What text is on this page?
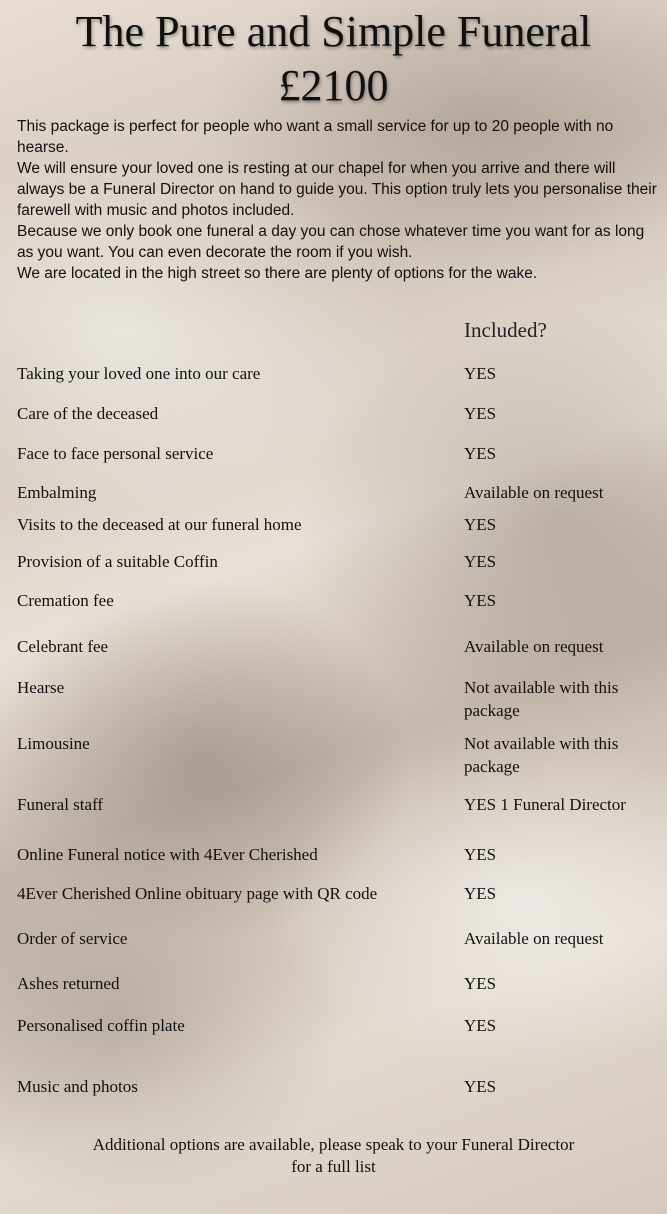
The Pure and Simple Funeral
£2100

This package is perfect for people who want a small service for up to 20 people with no hearse.

We will ensure your loved one is resting at our chapel for when you arrive and there will always be a Funeral Director on hand to guide you. This option truly lets you personalise their farewell with music and photos included.

Because we only book one funeral a day you can chose whatever time you want for as long as you want. You can even decorate the room if you wish.

We are located in the high street so there are plenty of options for the wake.

Included?
Taking your loved one into our care	YES
Care of the deceased	YES
Face to face personal service	YES
Embalming	Available on request
Visits to the deceased at our funeral home	YES
Provision of a suitable Coffin	YES
Cremation fee	YES
Celebrant fee	Available on request
Hearse	Not available with this package
Limousine	Not available with this package
Funeral staff	YES 1 Funeral Director
Online Funeral notice with 4Ever Cherished	YES
4Ever Cherished Online obituary page with QR code	YES
Order of service	Available on request
Ashes returned	YES
Personalised coffin plate	YES
Music and photos	YES
Additional options are available, please speak to your Funeral Director
for a full list
